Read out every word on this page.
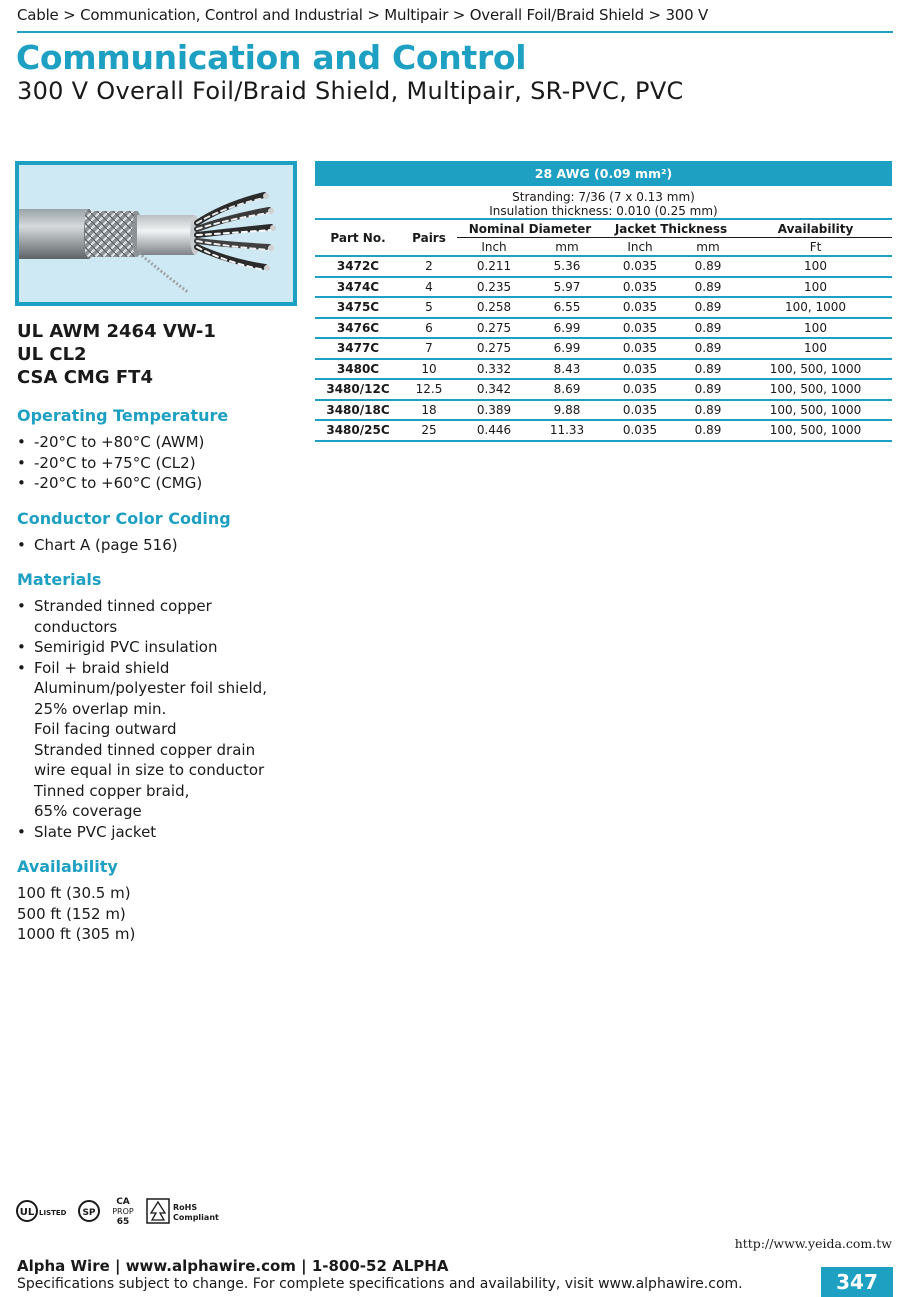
Cable > Communication, Control and Industrial > Multipair > Overall Foil/Braid Shield > 300 V
Communication and Control
300 V Overall Foil/Braid Shield, Multipair, SR-PVC, PVC

UL AWM 2464 VW-1

UL CL2

CSA CMG FT4

Operating Temperature
• -20°C to +80°C (AWM)
• -20°C to +75°C (CL2)
• -20°C to +60°C (CMG)
Conductor Color Coding
• Chart A (page 516)
Materials
• Stranded tinned copper
conductors
• Semirigid PVC insulation
• Foil + braid shield
Aluminum/polyester foil shield,
25% overlap min.
Foil facing outward
Stranded tinned copper drain
wire equal in size to conductor
Tinned copper braid,
65% coverage
• Slate PVC jacket
Availability

100 ft (30.5 m)

500 ft (152 m)

1000 ft (305 m)

28 AWG (0.09 mm²)
Stranding: 7/36 (7 x 0.13 mm)
Insulation thickness: 0.010 (0.25 mm)
Part No.	Pairs	Nominal Diameter		Jacket Thickness		Availability
		Inch	mm	Inch	mm	Ft
3472C	2	0.211	5.36	0.035	0.89	100
3474C	4	0.235	5.97	0.035	0.89	100
3475C	5	0.258	6.55	0.035	0.89	100, 1000
3476C	6	0.275	6.99	0.035	0.89	100
3477C	7	0.275	6.99	0.035	0.89	100
3480C	10	0.332	8.43	0.035	0.89	100, 500, 1000
3480/12C	12.5	0.342	8.69	0.035	0.89	100, 500, 1000
3480/18C	18	0.389	9.88	0.035	0.89	100, 500, 1000
3480/25C	25	0.446	11.33	0.035	0.89	100, 500, 1000
UL LISTED SP
CA
PROP
65
RoHS
Compliant
http://www.yeida.com.tw
Alpha Wire | www.alphawire.com | 1-800-52 ALPHA
Specifications subject to change. For complete specifications and availability, visit www.alphawire.com.	347
